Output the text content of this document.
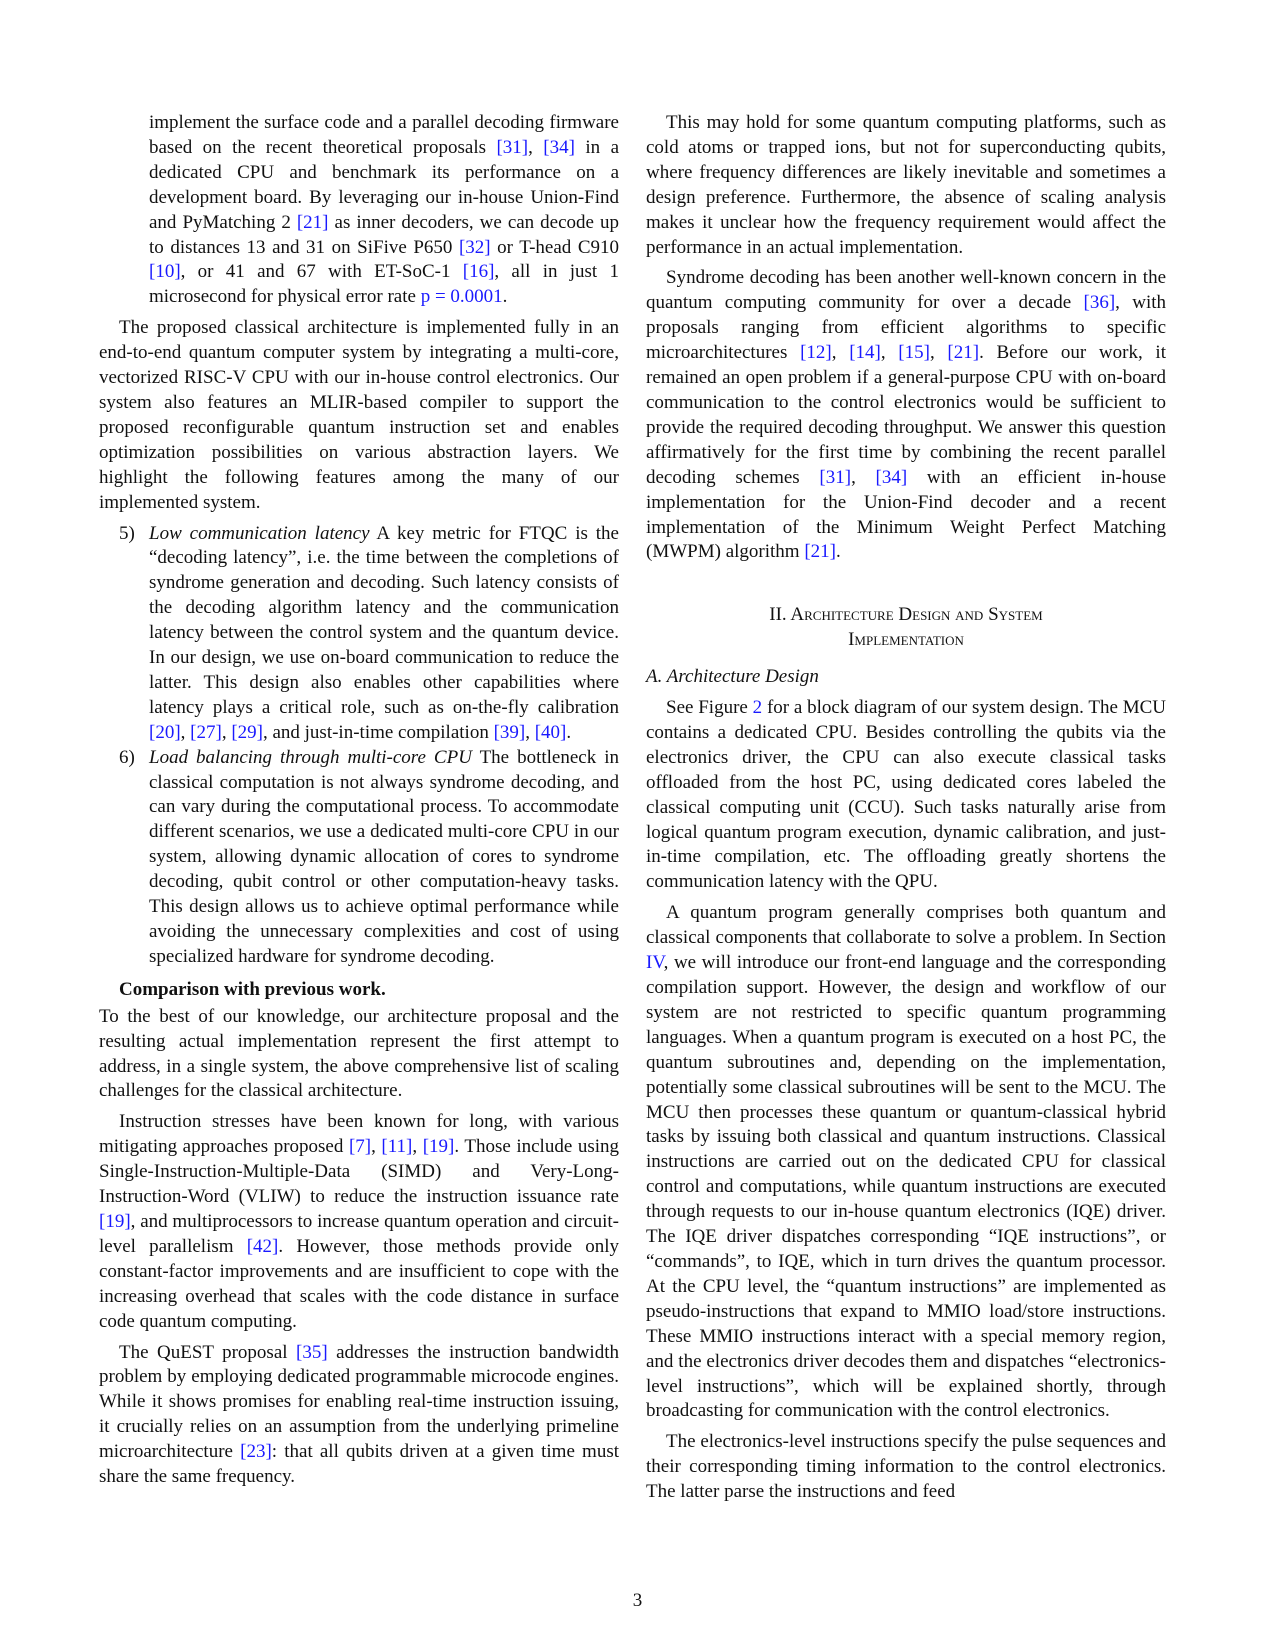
implement the surface code and a parallel decoding firmware based on the recent theoretical proposals [31], [34] in a dedicated CPU and benchmark its performance on a development board. By leveraging our in-house Union-Find and PyMatching 2 [21] as inner decoders, we can decode up to distances 13 and 31 on SiFive P650 [32] or T-head C910 [10], or 41 and 67 with ET-SoC-1 [16], all in just 1 microsecond for physical error rate p = 0.0001.

The proposed classical architecture is implemented fully in an end-to-end quantum computer system by integrating a multi-core, vectorized RISC-V CPU with our in-house control electronics. Our system also features an MLIR-based compiler to support the proposed reconfigurable quantum instruction set and enables optimization possibilities on various abstraction layers. We highlight the following features among the many of our implemented system.

5) Low communication latency A key metric for FTQC is the “decoding latency”, i.e. the time between the completions of syndrome generation and decoding. Such latency consists of the decoding algorithm latency and the communication latency between the control system and the quantum device. In our design, we use on-board communication to reduce the latter. This design also enables other capabilities where latency plays a critical role, such as on-the-fly calibration [20], [27], [29], and just-in-time compilation [39], [40].
6) Load balancing through multi-core CPU The bottleneck in classical computation is not always syndrome decoding, and can vary during the computational process. To accommodate different scenarios, we use a dedicated multi-core CPU in our system, allowing dynamic allocation of cores to syndrome decoding, qubit control or other computation-heavy tasks. This design allows us to achieve optimal performance while avoiding the unnecessary complexities and cost of using specialized hardware for syndrome decoding.
Comparison with previous work.

To the best of our knowledge, our architecture proposal and the resulting actual implementation represent the first attempt to address, in a single system, the above comprehensive list of scaling challenges for the classical architecture.

Instruction stresses have been known for long, with various mitigating approaches proposed [7], [11], [19]. Those include using Single-Instruction-Multiple-Data (SIMD) and Very-Long-Instruction-Word (VLIW) to reduce the instruction issuance rate [19], and multiprocessors to increase quantum operation and circuit-level parallelism [42]. However, those methods provide only constant-factor improvements and are insufficient to cope with the increasing overhead that scales with the code distance in surface code quantum computing.

The QuEST proposal [35] addresses the instruction bandwidth problem by employing dedicated programmable microcode engines. While it shows promises for enabling real-time instruction issuing, it crucially relies on an assumption from the underlying primeline microarchitecture [23]: that all qubits driven at a given time must share the same frequency.

This may hold for some quantum computing platforms, such as cold atoms or trapped ions, but not for superconducting qubits, where frequency differences are likely inevitable and sometimes a design preference. Furthermore, the absence of scaling analysis makes it unclear how the frequency requirement would affect the performance in an actual implementation.

Syndrome decoding has been another well-known concern in the quantum computing community for over a decade [36], with proposals ranging from efficient algorithms to specific microarchitectures [12], [14], [15], [21]. Before our work, it remained an open problem if a general-purpose CPU with on-board communication to the control electronics would be sufficient to provide the required decoding throughput. We answer this question affirmatively for the first time by combining the recent parallel decoding schemes [31], [34] with an efficient in-house implementation for the Union-Find decoder and a recent implementation of the Minimum Weight Perfect Matching (MWPM) algorithm [21].

II. Architecture Design and System
Implementation
A. Architecture Design

See Figure 2 for a block diagram of our system design. The MCU contains a dedicated CPU. Besides controlling the qubits via the electronics driver, the CPU can also execute classical tasks offloaded from the host PC, using dedicated cores labeled the classical computing unit (CCU). Such tasks naturally arise from logical quantum program execution, dynamic calibration, and just-in-time compilation, etc. The offloading greatly shortens the communication latency with the QPU.

A quantum program generally comprises both quantum and classical components that collaborate to solve a problem. In Section IV, we will introduce our front-end language and the corresponding compilation support. However, the design and workflow of our system are not restricted to specific quantum programming languages. When a quantum program is executed on a host PC, the quantum subroutines and, depending on the implementation, potentially some classical subroutines will be sent to the MCU. The MCU then processes these quantum or quantum-classical hybrid tasks by issuing both classical and quantum instructions. Classical instructions are carried out on the dedicated CPU for classical control and computations, while quantum instructions are executed through requests to our in-house quantum electronics (IQE) driver. The IQE driver dispatches corresponding “IQE instructions”, or “commands”, to IQE, which in turn drives the quantum processor. At the CPU level, the “quantum instructions” are implemented as pseudo-instructions that expand to MMIO load/store instructions. These MMIO instructions interact with a special memory region, and the electronics driver decodes them and dispatches “electronics-level instructions”, which will be explained shortly, through broadcasting for communication with the control electronics.

The electronics-level instructions specify the pulse sequences and their corresponding timing information to the control electronics. The latter parse the instructions and feed

3
